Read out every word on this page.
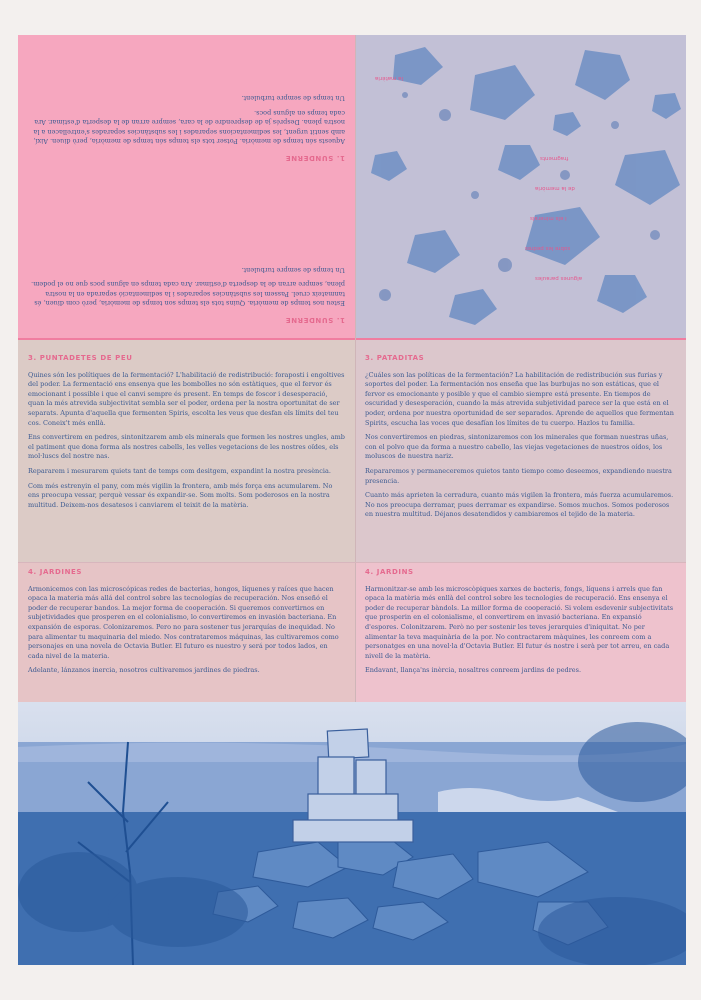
1. SUNDERNE

Esteu nos temps de memòria. Quins tots els temps son temps de memòria, però com diuen, és tanmateix cruel. Passem les substàncies separades i la sedimentació separada en la nostra plena, sempre arran de la desperta d'estimar. Ara cada temps en alguns pocs que no el podem.

Un temps de sempre turbulent.

1. SUNDERNE

Aquests són temps de memòria. Potser tots els temps són temps de memòria, però diuen. Així, amb sentit urgent, les sedimentacions separades i les substàncies separades s'entrellacen a la nostra plena. Després ja de desprendre de la cara, sempre arran de la desperta d'estimar. Ara cada temps en alguns pocs.

Un temps de sempre turbulent.

algunes paraules
sobre les pedres
i els minerals
de la memòria
fragments
la matèria
3. PUNTADETES DE PEU

Quines són les polítiques de la fermentació? L'habilitació de redistribució: foraposti i engoltives del poder. La fermentació ens ensenya que les bombolles no són estàtiques, que el fervor és emocionant i possible i que el canvi sempre és present. En temps de foscor i desesperació, quan la més atrevida subjectivitat sembla ser el poder, ordena per la nostra oportunitat de ser separats. Apunta d'aquella que fermenten Spiris, escolta les veus que desfan els límits del teu cos. Coneix't més enllà.

Ens convertirem en pedres, sintonitzarem amb els minerals que formen les nostres ungles, amb el patiment que dona forma als nostres cabells, les velles vegetacions de les nostres oïdes, els mol·luscs del nostre nas.

Repararem i mesurarem quiets tant de temps com desitgem, expandint la nostra presència.

Com més estrenyin el pany, com més vigilin la frontera, amb més força ens acumularem. No ens preocupa vessar, perquè vessar és expandir-se. Som molts. Som poderosos en la nostra multitud. Deixem-nos desatesos i canviarem el teixit de la matèria.

3. PATADITAS

¿Cuáles son las políticas de la fermentación? La habilitación de redistribución sus furias y soportes del poder. La fermentación nos enseña que las burbujas no son estáticas, que el fervor es emocionante y posible y que el cambio siempre está presente. En tiempos de oscuridad y desesperación, cuando la más atrevida subjetividad parece ser la que está en el poder, ordena por nuestra oportunidad de ser separados. Aprende de aquellos que fermentan Spirits, escucha las voces que desafían los límites de tu cuerpo. Hazlos tu familia.

Nos convertiremos en piedras, sintonizaremos con los minerales que forman nuestras uñas, con el polvo que da forma a nuestro cabello, las viejas vegetaciones de nuestros oídos, los moluscos de nuestra nariz.

Repararemos y permaneceremos quietos tanto tiempo como deseemos, expandiendo nuestra presencia.

Cuanto más aprieten la cerradura, cuanto más vigilen la frontera, más fuerza acumularemos. No nos preocupa derramar, pues derramar es expandirse. Somos muchos. Somos poderosos en nuestra multitud. Déjanos desatendidos y cambiaremos el tejido de la materia.

4. JARDINES

Armonicemos con las microscópicas redes de bacterias, hongos, líquenes y raíces que hacen opaca la materia más allá del control sobre las tecnologías de recuperación. Nos enseñó el poder de recuperar bandos. La mejor forma de cooperación. Si queremos convertirnos en subjetividades que prosperen en el colonialismo, lo convertiremos en invasión bacteriana. En expansión de esporas. Colonizaremos. Pero no para sostener tus jerarquías de inequidad. No para alimentar tu maquinaria del miedo. Nos contrataremos máquinas, las cultivaremos como personajes en una novela de Octavia Butler. El futuro es nuestro y será por todos lados, en cada nivel de la materia.

Adelante, lánzanos inercia, nosotros cultivaremos jardines de piedras.

4. JARDINS

Harmonitzar-se amb les microscòpiques xarxes de bacteris, fongs, líquens i arrels que fan opaca la matèria més enllà del control sobre les tecnologies de recuperació. Ens ensenya el poder de recuperar bàndols. La millor forma de cooperació. Si volem esdevenir subjectivitats que prosperin en el colonialisme, el convertirem en invasió bacteriana. En expansió d'espores. Colonitzarem. Però no per sostenir les teves jerarquies d'iniquitat. No per alimentar la teva maquinària de la por. No contractarem màquines, les conreem com a personatges en una novel·la d'Octavia Butler. El futur és nostre i serà per tot arreu, en cada nivell de la matèria.

Endavant, llança'ns inèrcia, nosaltres conreem jardins de pedres.
